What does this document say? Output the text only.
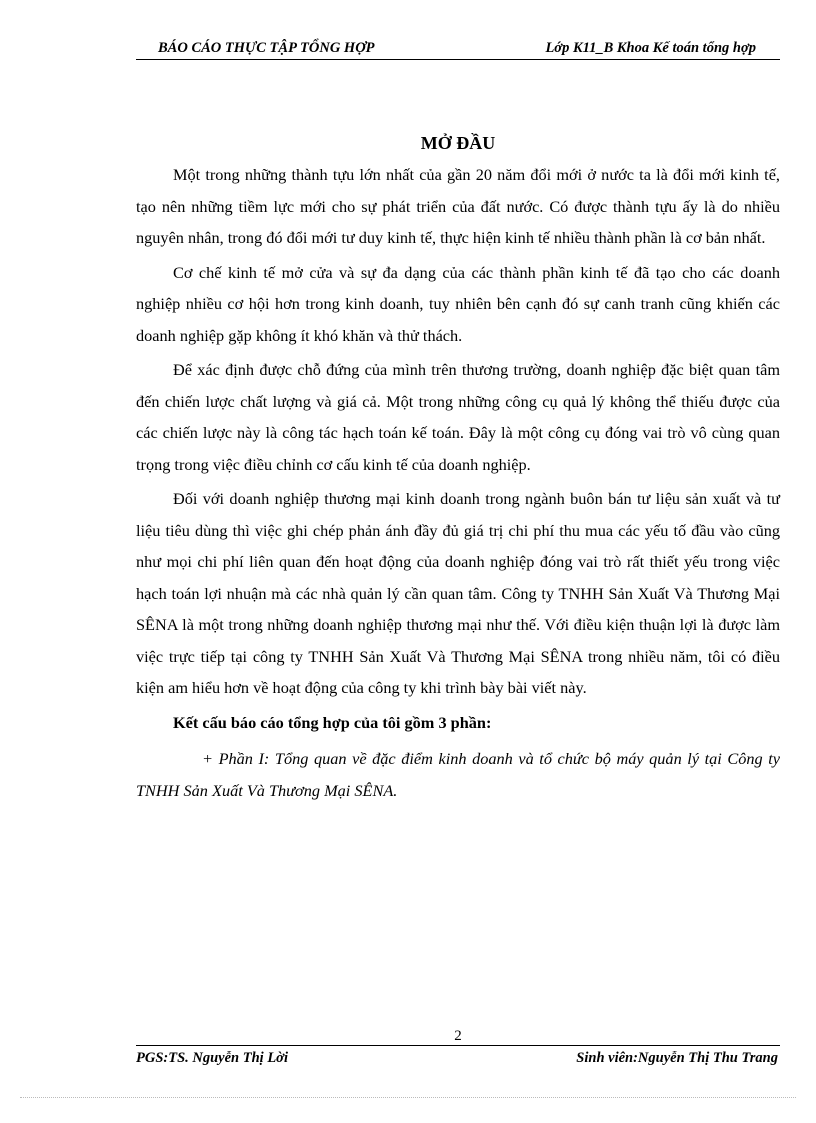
BÁO CÁO THỰC TẬP TỔNG HỢP	Lớp K11_B Khoa Kế toán tổng hợp
MỞ ĐẦU

Một trong những thành tựu lớn nhất của gần 20 năm đổi mới ở nước ta là đổi mới kinh tế, tạo nên những tiềm lực mới cho sự phát triển của đất nước. Có được thành tựu ấy là do nhiều nguyên nhân, trong đó đổi mới tư duy kinh tế, thực hiện kinh tế nhiều thành phần là cơ bản nhất.

Cơ chế kinh tế mở cửa và sự đa dạng của các thành phần kinh tế đã tạo cho các doanh nghiệp nhiều cơ hội hơn trong kinh doanh, tuy nhiên bên cạnh đó sự canh tranh cũng khiến các doanh nghiệp gặp không ít khó khăn và thử thách.

Để xác định được chỗ đứng của mình trên thương trường, doanh nghiệp đặc biệt quan tâm đến chiến lược chất lượng và giá cả. Một trong những công cụ quả lý không thể thiếu được của các chiến lược này là công tác hạch toán kế toán. Đây là một công cụ đóng vai trò vô cùng quan trọng trong việc điều chỉnh cơ cấu kinh tế của doanh nghiệp.

Đối với doanh nghiệp thương mại kinh doanh trong ngành buôn bán tư liệu sản xuất và tư liệu tiêu dùng thì việc ghi chép phản ánh đầy đủ giá trị chi phí thu mua các yếu tố đầu vào cũng như mọi chi phí liên quan đến hoạt động của doanh nghiệp đóng vai trò rất thiết yếu trong việc hạch toán lợi nhuận mà các nhà quản lý cần quan tâm. Công ty TNHH Sản Xuất Và Thương Mại SÊNA là một trong những doanh nghiệp thương mại như thế. Với điều kiện thuận lợi là được làm việc trực tiếp tại công ty TNHH Sản Xuất Và Thương Mại SÊNA trong nhiều năm, tôi có điều kiện am hiểu hơn về hoạt động của công ty khi trình bày bài viết này.

Kết cấu báo cáo tổng hợp của tôi gồm 3 phần:

+ Phần I: Tổng quan về đặc điểm kinh doanh và tổ chức bộ máy quản lý tại Công ty TNHH Sản Xuất Và Thương Mại SÊNA.

2
PGS:TS. Nguyễn Thị Lời	Sinh viên:Nguyễn Thị Thu Trang
